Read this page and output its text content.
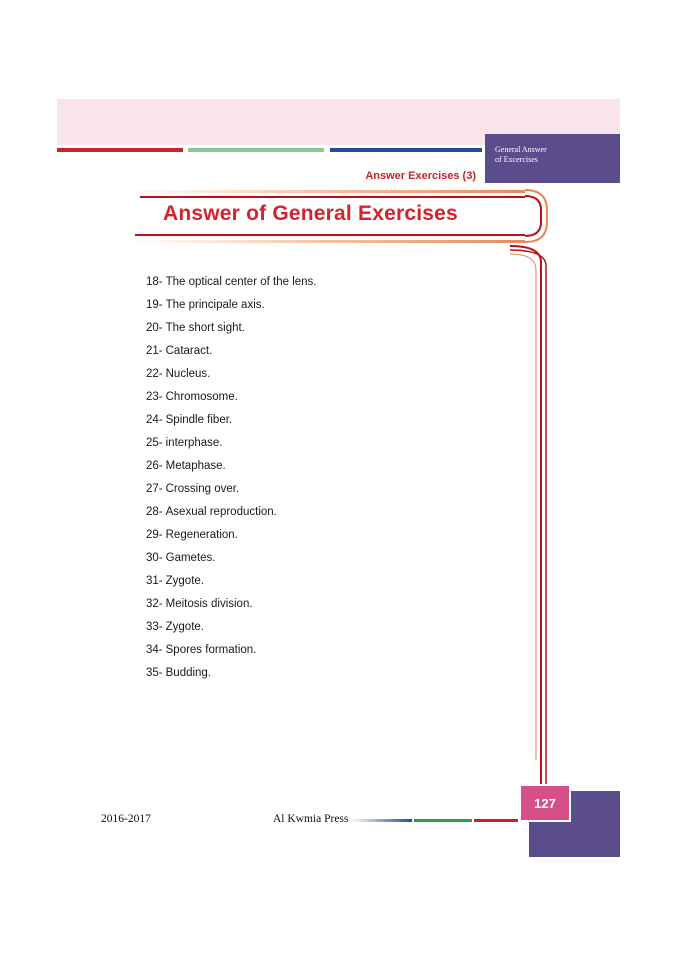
General Answer
of Excercises
Answer Exercises (3)
Answer of General Exercises
18- The optical center of the lens.
19- The principale axis.
20- The short sight.
21- Cataract.
22- Nucleus.
23- Chromosome.
24- Spindle fiber.
25- interphase.
26- Metaphase.
27- Crossing over.
28- Asexual reproduction.
29- Regeneration.
30- Gametes.
31- Zygote.
32- Meitosis division.
33- Zygote.
34- Spores formation.
35- Budding.
127
2016-2017	Al Kwmia Press
